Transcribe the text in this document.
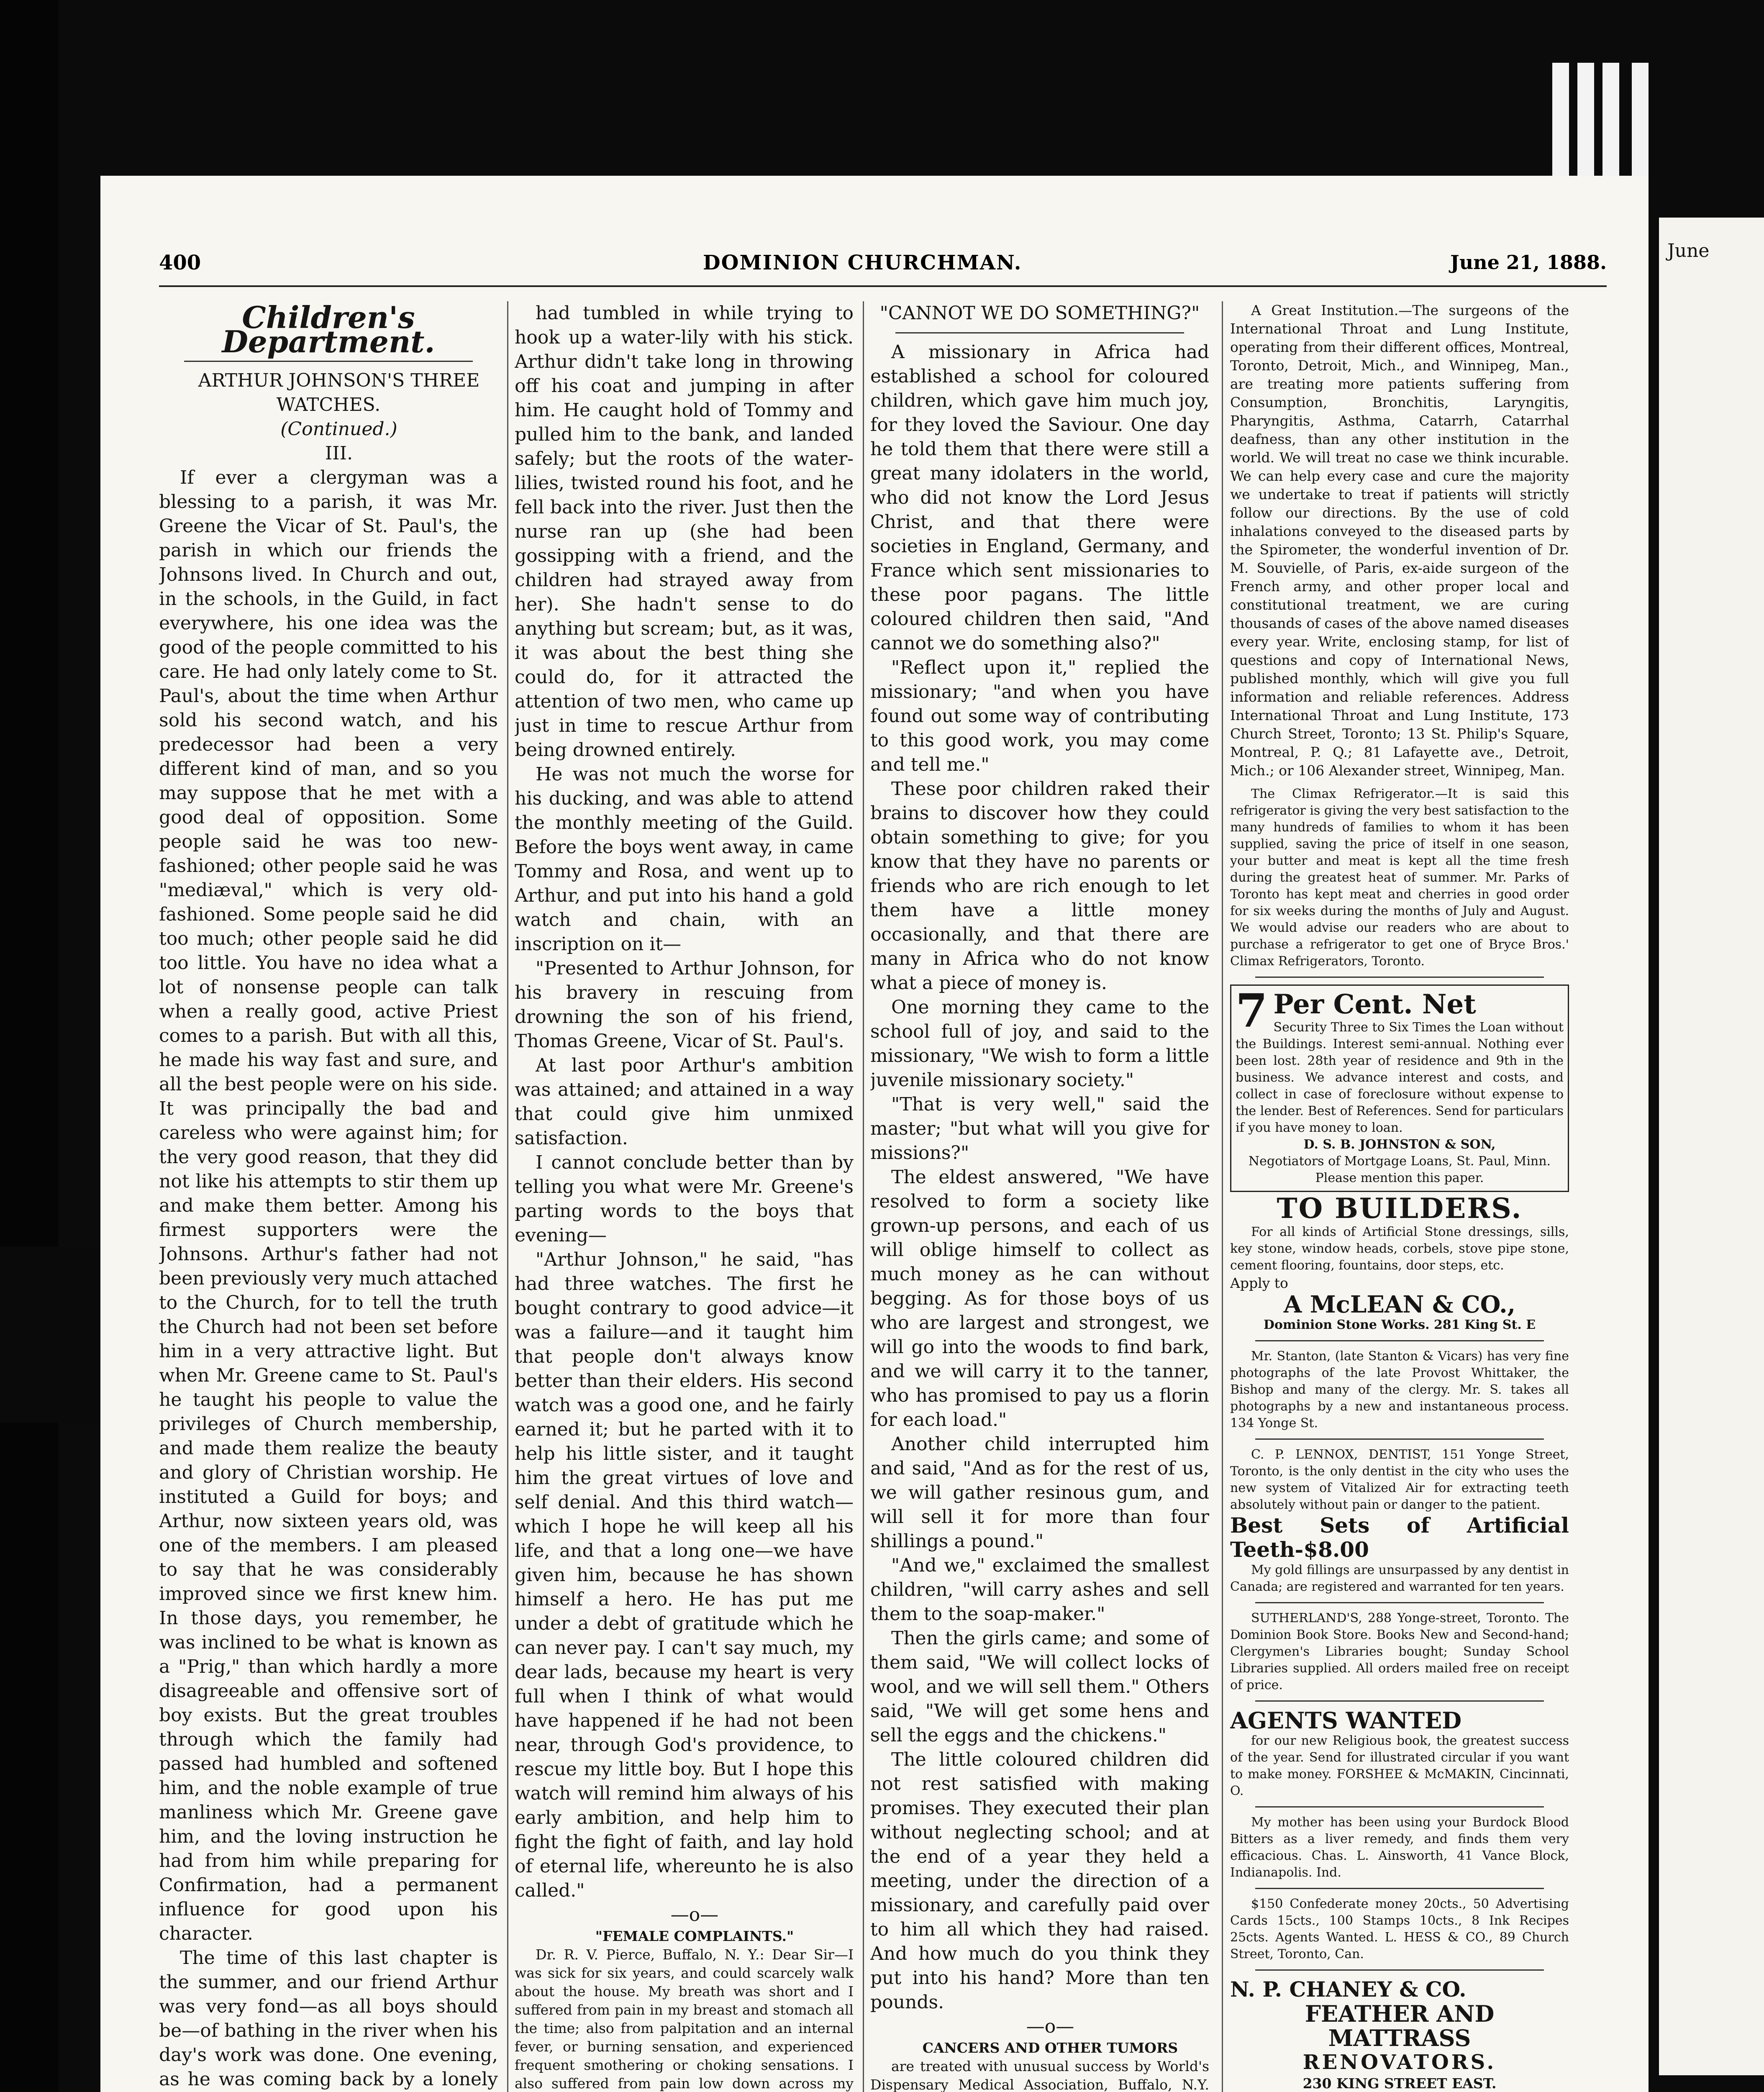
June
400	DOMINION CHURCHMAN.	June 21, 1888.
Children's Department.

ARTHUR JOHNSON'S THREE WATCHES.

(Continued.)

III.

If ever a clergyman was a blessing to a parish, it was Mr. Greene the Vicar of St. Paul's, the parish in which our friends the Johnsons lived. In Church and out, in the schools, in the Guild, in fact everywhere, his one idea was the good of the people committed to his care. He had only lately come to St. Paul's, about the time when Arthur sold his second watch, and his predecessor had been a very different kind of man, and so you may suppose that he met with a good deal of opposition. Some people said he was too new-fashioned; other people said he was "mediæval," which is very old-fashioned. Some people said he did too much; other people said he did too little. You have no idea what a lot of nonsense people can talk when a really good, active Priest comes to a parish. But with all this, he made his way fast and sure, and all the best people were on his side. It was principally the bad and careless who were against him; for the very good reason, that they did not like his attempts to stir them up and make them better. Among his firmest supporters were the Johnsons. Arthur's father had not been previously very much attached to the Church, for to tell the truth the Church had not been set before him in a very attractive light. But when Mr. Greene came to St. Paul's he taught his people to value the privileges of Church membership, and made them realize the beauty and glory of Christian worship. He instituted a Guild for boys; and Arthur, now sixteen years old, was one of the members. I am pleased to say that he was considerably improved since we first knew him. In those days, you remember, he was inclined to be what is known as a "Prig," than which hardly a more disagreeable and offensive sort of boy exists. But the great troubles through which the family had passed had humbled and softened him, and the noble example of true manliness which Mr. Greene gave him, and the loving instruction he had from him while preparing for Confirmation, had a permanent influence for good upon his character.

The time of this last chapter is the summer, and our friend Arthur was very fond—as all boys should be—of bathing in the river when his day's work was done. One evening, as he was coming back by a lonely

had tumbled in while trying to hook up a water-lily with his stick. Arthur didn't take long in throwing off his coat and jumping in after him. He caught hold of Tommy and pulled him to the bank, and landed safely; but the roots of the water-lilies, twisted round his foot, and he fell back into the river. Just then the nurse ran up (she had been gossipping with a friend, and the children had strayed away from her). She hadn't sense to do anything but scream; but, as it was, it was about the best thing she could do, for it attracted the attention of two men, who came up just in time to rescue Arthur from being drowned entirely.

He was not much the worse for his ducking, and was able to attend the monthly meeting of the Guild. Before the boys went away, in came Tommy and Rosa, and went up to Arthur, and put into his hand a gold watch and chain, with an inscription on it—

"Presented to Arthur Johnson, for his bravery in rescuing from drowning the son of his friend, Thomas Greene, Vicar of St. Paul's.

At last poor Arthur's ambition was attained; and attained in a way that could give him unmixed satisfaction.

I cannot conclude better than by telling you what were Mr. Greene's parting words to the boys that evening—

"Arthur Johnson," he said, "has had three watches. The first he bought contrary to good advice—it was a failure—and it taught him that people don't always know better than their elders. His second watch was a good one, and he fairly earned it; but he parted with it to help his little sister, and it taught him the great virtues of love and self denial. And this third watch—which I hope he will keep all his life, and that a long one—we have given him, because he has shown himself a hero. He has put me under a debt of gratitude which he can never pay. I can't say much, my dear lads, because my heart is very full when I think of what would have happened if he had not been near, through God's providence, to rescue my little boy. But I hope this watch will remind him always of his early ambition, and help him to fight the fight of faith, and lay hold of eternal life, whereunto he is also called."

—o—

"FEMALE COMPLAINTS."

Dr. R. V. Pierce, Buffalo, N. Y.: Dear Sir—I was sick for six years, and could scarcely walk about the house. My breath was short and I suffered from pain in my breast and stomach all the time; also from palpitation and an internal fever, or burning sensation, and experienced frequent smothering or choking sensations. I also suffered from pain low down across my

"CANNOT WE DO SOMETHING?"

A missionary in Africa had established a school for coloured children, which gave him much joy, for they loved the Saviour. One day he told them that there were still a great many idolaters in the world, who did not know the Lord Jesus Christ, and that there were societies in England, Germany, and France which sent missionaries to these poor pagans. The little coloured children then said, "And cannot we do something also?"

"Reflect upon it," replied the missionary; "and when you have found out some way of contributing to this good work, you may come and tell me."

These poor children raked their brains to discover how they could obtain something to give; for you know that they have no parents or friends who are rich enough to let them have a little money occasionally, and that there are many in Africa who do not know what a piece of money is.

One morning they came to the school full of joy, and said to the missionary, "We wish to form a little juvenile missionary society."

"That is very well," said the master; "but what will you give for missions?"

The eldest answered, "We have resolved to form a society like grown-up persons, and each of us will oblige himself to collect as much money as he can without begging. As for those boys of us who are largest and strongest, we will go into the woods to find bark, and we will carry it to the tanner, who has promised to pay us a florin for each load."

Another child interrupted him and said, "And as for the rest of us, we will gather resinous gum, and will sell it for more than four shillings a pound."

"And we," exclaimed the smallest children, "will carry ashes and sell them to the soap-maker."

Then the girls came; and some of them said, "We will collect locks of wool, and we will sell them." Others said, "We will get some hens and sell the eggs and the chickens."

The little coloured children did not rest satisfied with making promises. They executed their plan without neglecting school; and at the end of a year they held a meeting, under the direction of a missionary, and carefully paid over to him all which they had raised. And how much do you think they put into his hand? More than ten pounds.

—o—

CANCERS AND OTHER TUMORS

are treated with unusual success by World's Dispensary Medical Association, Buffalo, N.Y.

A Great Institution.—The surgeons of the International Throat and Lung Institute, operating from their different offices, Montreal, Toronto, Detroit, Mich., and Winnipeg, Man., are treating more patients suffering from Consumption, Bronchitis, Laryngitis, Pharyngitis, Asthma, Catarrh, Catarrhal deafness, than any other institution in the world. We will treat no case we think incurable. We can help every case and cure the majority we undertake to treat if patients will strictly follow our directions. By the use of cold inhalations conveyed to the diseased parts by the Spirometer, the wonderful invention of Dr. M. Souvielle, of Paris, ex-aide surgeon of the French army, and other proper local and constitutional treatment, we are curing thousands of cases of the above named diseases every year. Write, enclosing stamp, for list of questions and copy of International News, published monthly, which will give you full information and reliable references. Address International Throat and Lung Institute, 173 Church Street, Toronto; 13 St. Philip's Square, Montreal, P. Q.; 81 Lafayette ave., Detroit, Mich.; or 106 Alexander street, Winnipeg, Man.

The Climax Refrigerator.—It is said this refrigerator is giving the very best satisfaction to the many hundreds of families to whom it has been supplied, saving the price of itself in one season, your butter and meat is kept all the time fresh during the greatest heat of summer. Mr. Parks of Toronto has kept meat and cherries in good order for six weeks during the months of July and August. We would advise our readers who are about to purchase a refrigerator to get one of Bryce Bros.' Climax Refrigerators, Toronto.

7 Per Cent. Net

Security Three to Six Times the Loan without the Buildings. Interest semi-annual. Nothing ever been lost. 28th year of residence and 9th in the business. We advance interest and costs, and collect in case of foreclosure without expense to the lender. Best of References. Send for particulars if you have money to loan.

D. S. B. JOHNSTON & SON,

Negotiators of Mortgage Loans, St. Paul, Minn. Please mention this paper.

TO BUILDERS.

For all kinds of Artificial Stone dressings, sills, key stone, window heads, corbels, stove pipe stone, cement flooring, fountains, door steps, etc.

Apply to

A McLEAN & CO.,

Dominion Stone Works. 281 King St. E

Mr. Stanton, (late Stanton & Vicars) has very fine photographs of the late Provost Whittaker, the Bishop and many of the clergy. Mr. S. takes all photographs by a new and instantaneous process. 134 Yonge St.

C. P. LENNOX, DENTIST, 151 Yonge Street, Toronto, is the only dentist in the city who uses the new system of Vitalized Air for extracting teeth absolutely without pain or danger to the patient.

Best Sets of Artificial Teeth-$8.00

My gold fillings are unsurpassed by any dentist in Canada; are registered and warranted for ten years.

SUTHERLAND'S, 288 Yonge-street, Toronto. The Dominion Book Store. Books New and Second-hand; Clergymen's Libraries bought; Sunday School Libraries supplied. All orders mailed free on receipt of price.

AGENTS WANTED

for our new Religious book, the greatest success of the year. Send for illustrated circular if you want to make money. FORSHEE & McMAKIN, Cincinnati, O.

My mother has been using your Burdock Blood Bitters as a liver remedy, and finds them very efficacious. Chas. L. Ainsworth, 41 Vance Block, Indianapolis. Ind.

$150 Confederate money 20cts., 50 Advertising Cards 15cts., 100 Stamps 10cts., 8 Ink Recipes 25cts. Agents Wanted. L. HESS & CO., 89 Church Street, Toronto, Can.

N. P. CHANEY & CO.

FEATHER AND MATTRASS

RENOVATORS.

230 KING STREET EAST.
